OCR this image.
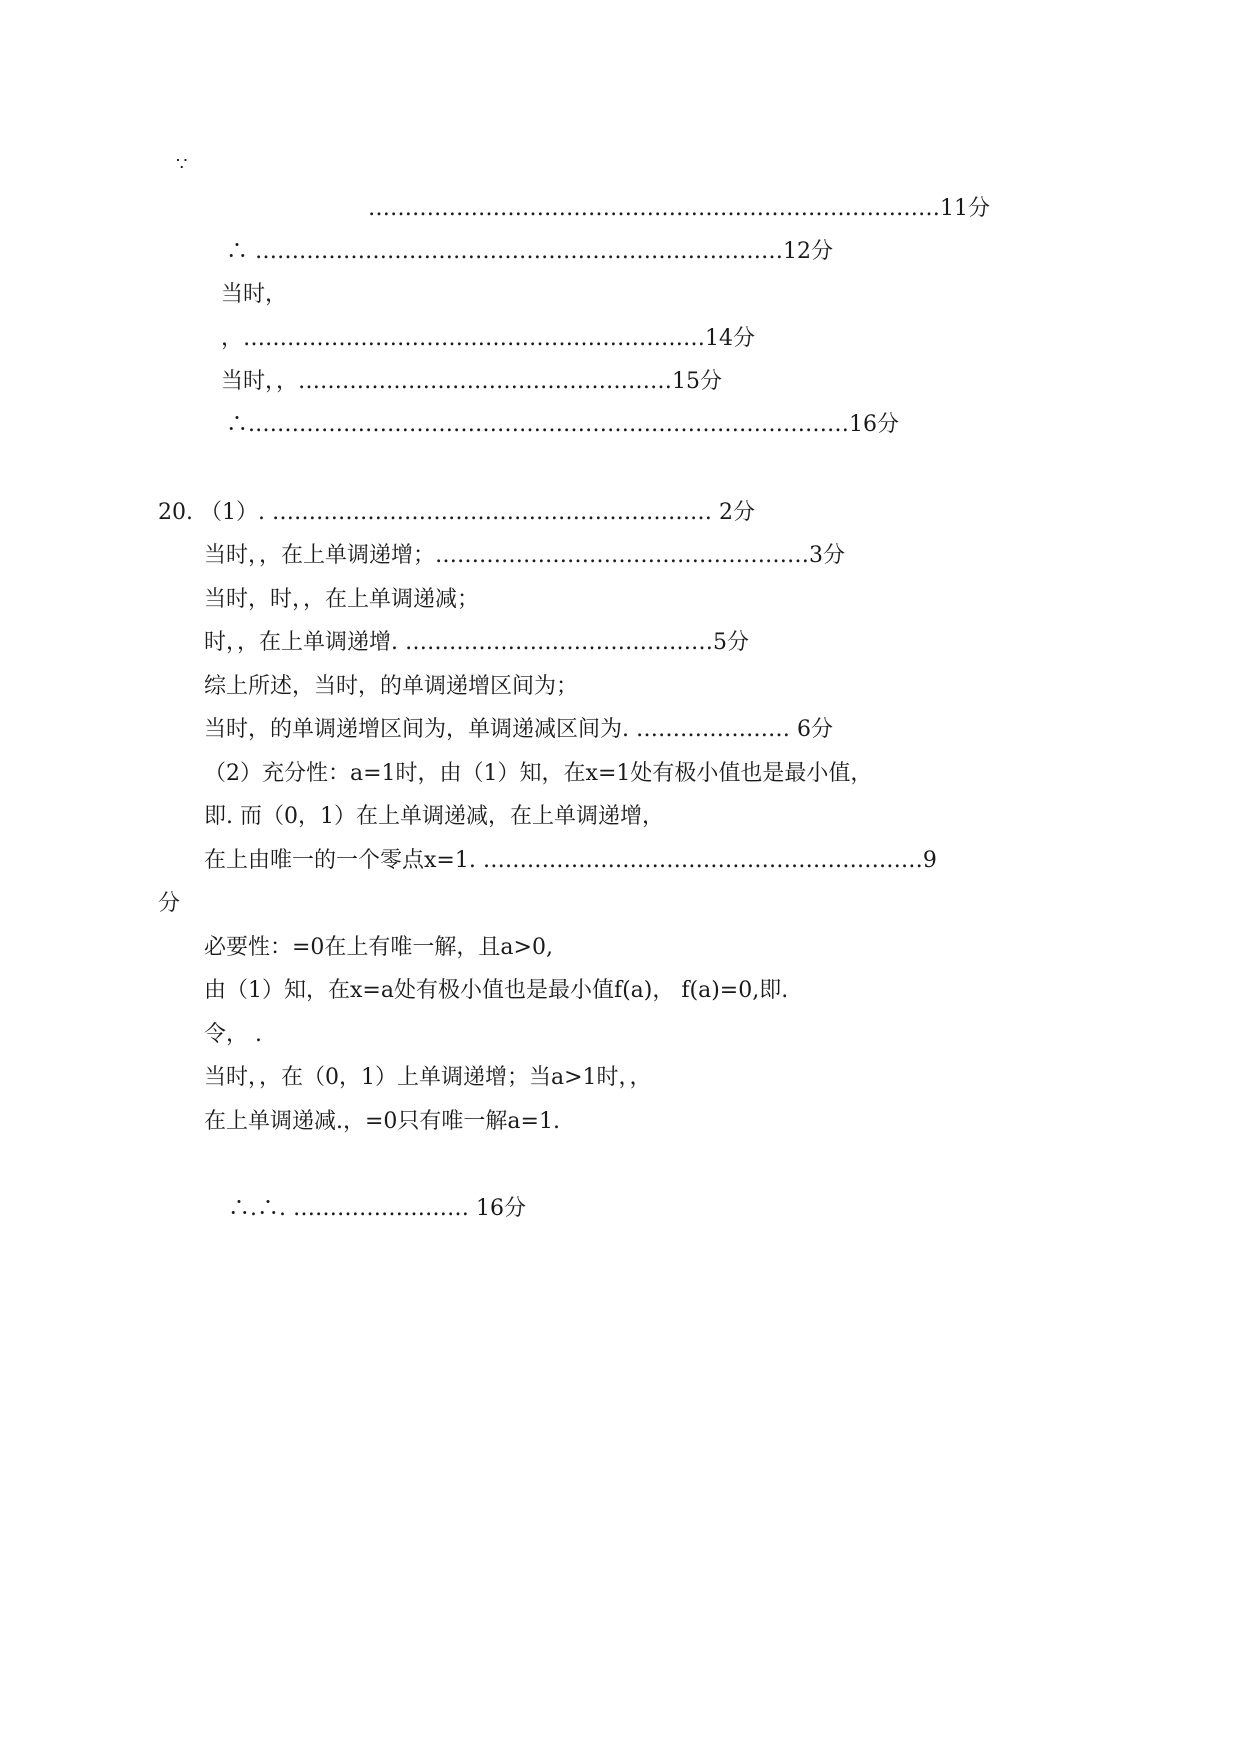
∵
……………………………………………………………………11分
∴ ………………………………………………………………12分
当时，
，………………………………………………………14分
当时，，……………………………………………15分
∴.………………………………………………………………………16分
20. （1）. …………………………………………………… 2分
当时，，在上单调递增；……………………………………………3分
当时，时，，在上单调递减；
时，，在上单调递增. ……………………………………5分
综上所述，当时，的单调递增区间为；
当时，的单调递增区间为，单调递减区间为. ………………… 6分
（2）充分性：a=1时，由（1）知，在x=1处有极小值也是最小值，
即. 而（0，1）在上单调递减，在上单调递增，
在上由唯一的一个零点x=1. ……………………………………………………9
分
必要性：=0在上有唯一解，且a>0,
由（1）知，在x=a处有极小值也是最小值f(a)， f(a)=0,即.
令， .
当时，，在（0，1）上单调递增；当a>1时，，
在上单调递减.，=0只有唯一解a=1.
∴.∴. …………………… 16分
